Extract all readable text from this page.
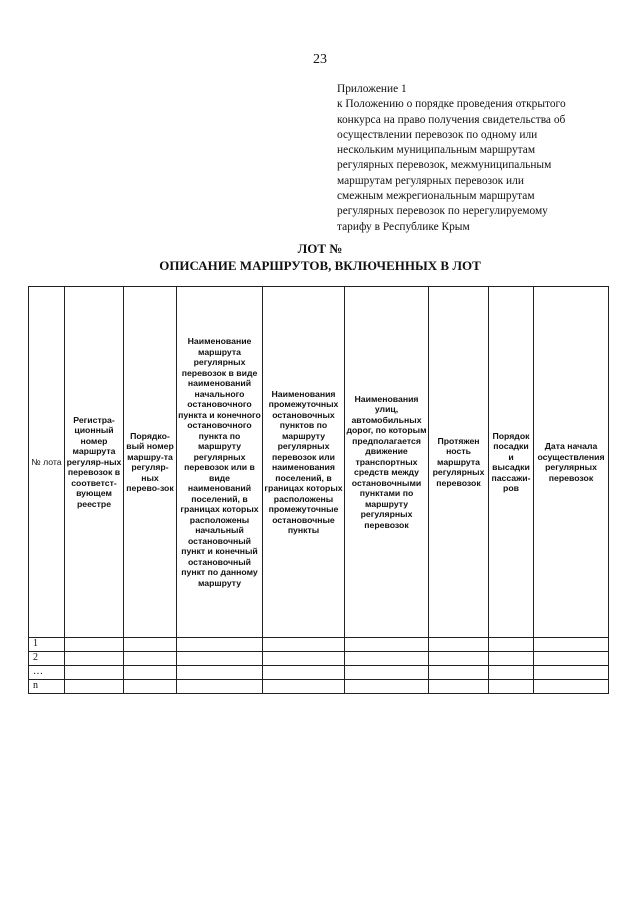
23
Приложение 1
к Положению о порядке проведения открытого
конкурса на право получения свидетельства об
осуществлении перевозок по одному или
нескольким муниципальным маршрутам
регулярных перевозок, межмуниципальным
маршрутам регулярных перевозок или
смежным межрегиональным маршрутам
регулярных перевозок по нерегулируемому
тарифу в Республике Крым
ЛОТ №
ОПИСАНИЕ МАРШРУТОВ, ВКЛЮЧЕННЫХ В ЛОТ
№ лота	Регистра-ционный номер маршрута регуляр-ных перевозок в соответст-вующем реестре	Порядко-вый номер маршру-та регуляр-ных перево-зок	Наименование маршрута регулярных перевозок в виде наименований начального остановочного пункта и конечного остановочного пункта по маршруту регулярных перевозок или в виде наименований поселений, в границах которых расположены начальный остановочный пункт и конечный остановочный пункт по данному маршруту	Наименования промежуточных остановочных пунктов по маршруту регулярных перевозок или наименования поселений, в границах которых расположены промежуточные остановочные пункты	Наименования улиц, автомобильных дорог, по которым предполагается движение транспортных средств между остановочными пунктами по маршруту регулярных перевозок	Протяжен ность маршрута регулярных перевозок	Порядок посадки и высадки пассажи-ров	Дата начала осуществления регулярных перевозок
1								
2								
…								
n								
